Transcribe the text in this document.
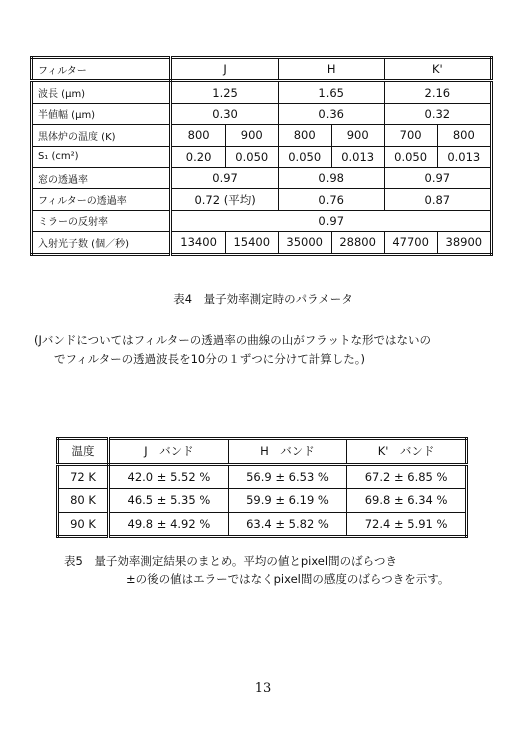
フィルター	J		H		K'	
波長 (μm)	1.25		1.65		2.16	
半値幅 (μm)	0.30		0.36		0.32	
黒体炉の温度 (K)	800	900	800	900	700	800
S₁ (cm²)	0.20	0.050	0.050	0.013	0.050	0.013
窓の透過率	0.97		0.98		0.97	
フィルターの透過率	0.72 (平均)		0.76		0.87	
ミラーの反射率	0.97					
入射光子数 (個／秒)	13400	15400	35000	28800	47700	38900
表4　量子効率測定時のパラメータ
(Jバンドについてはフィルターの透過率の曲線の山がフラットな形ではないの
でフィルターの透過波長を10分の１ずつに分けて計算した。)
温度	J　バンド	H　バンド	K'　バンド
72 K	42.0 ± 5.52 %	56.9 ± 6.53 %	67.2 ± 6.85 %
80 K	46.5 ± 5.35 %	59.9 ± 6.19 %	69.8 ± 6.34 %
90 K	49.8 ± 4.92 %	63.4 ± 5.82 %	72.4 ± 5.91 %
表5　量子効率測定結果のまとめ。平均の値とpixel間のばらつき
±の後の値はエラーではなくpixel間の感度のばらつきを示す。
13
